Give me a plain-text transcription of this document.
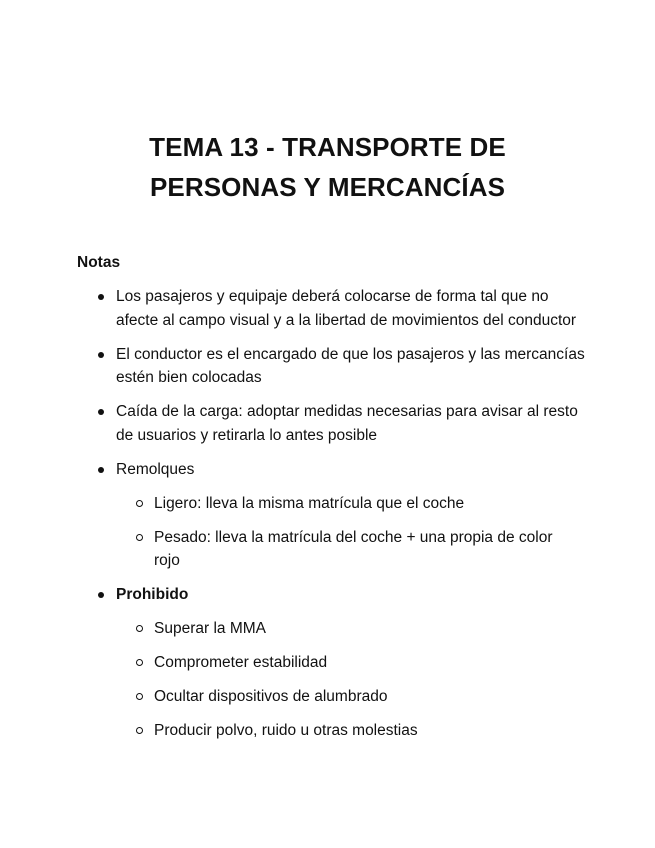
TEMA 13 - TRANSPORTE DE
PERSONAS Y MERCANCÍAS
Notas
Los pasajeros y equipaje deberá colocarse de forma tal que no afecte al campo visual y a la libertad de movimientos del conductor
El conductor es el encargado de que los pasajeros y las mercancías estén bien colocadas
Caída de la carga: adoptar medidas necesarias para avisar al resto de usuarios y retirarla lo antes posible
Remolques
Ligero: lleva la misma matrícula que el coche
Pesado: lleva la matrícula del coche + una propia de color rojo
Prohibido
Superar la MMA
Comprometer estabilidad
Ocultar dispositivos de alumbrado
Producir polvo, ruido u otras molestias
